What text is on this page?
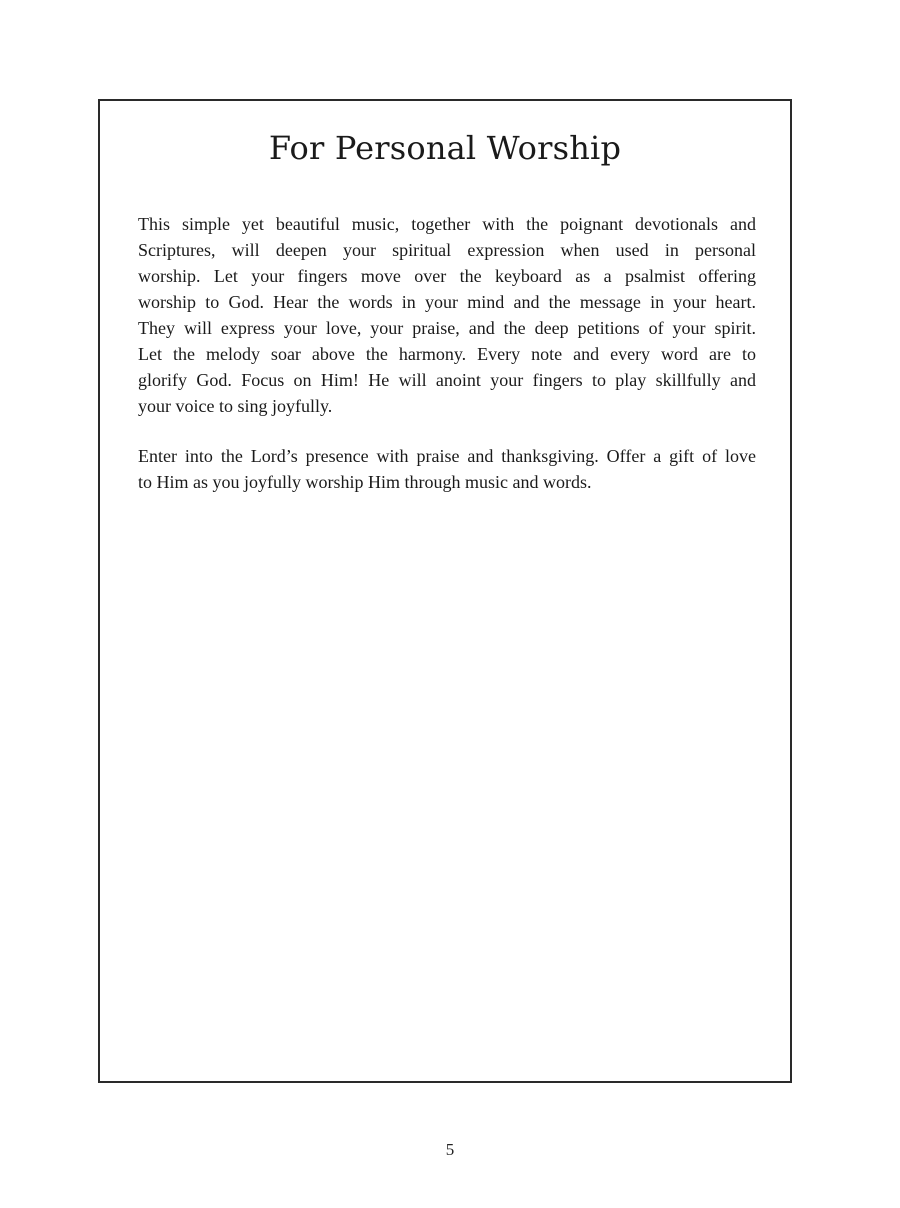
For Personal Worship

This simple yet beautiful music, together with the poignant devotionals and
Scriptures, will deepen your spiritual expression when used in personal
worship. Let your fingers move over the keyboard as a psalmist offering
worship to God. Hear the words in your mind and the message in your heart.
They will express your love, your praise, and the deep petitions of your spirit.
Let the melody soar above the harmony. Every note and every word are to
glorify God. Focus on Him! He will anoint your fingers to play skillfully and
your voice to sing joyfully.

Enter into the Lord’s presence with praise and thanksgiving. Offer a gift of love
to Him as you joyfully worship Him through music and words.

5
